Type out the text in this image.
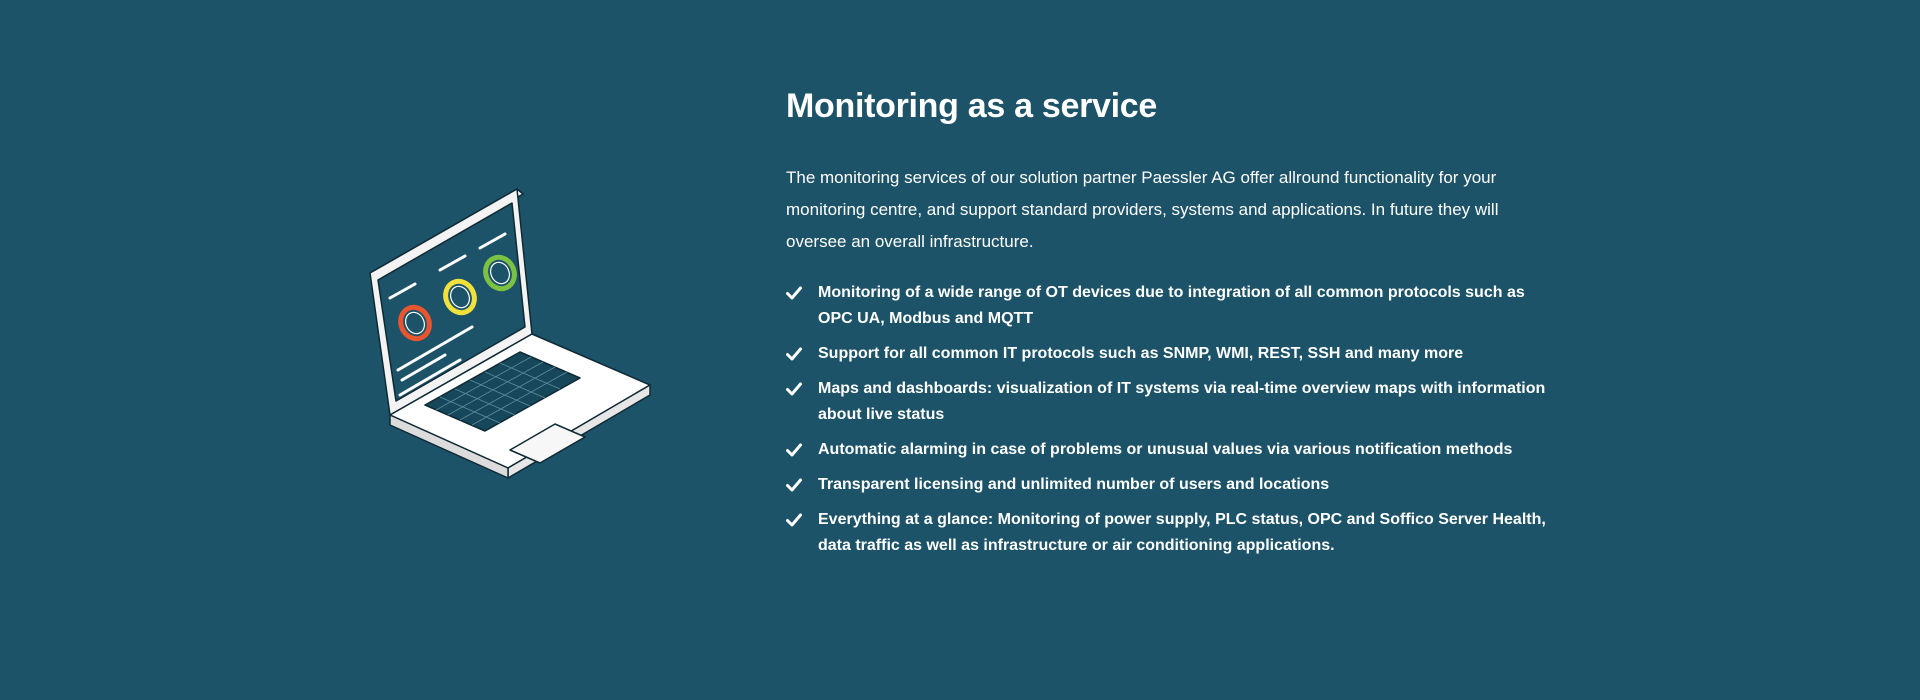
Monitoring as a service

The monitoring services of our solution partner Paessler AG offer allround functionality for your monitoring centre, and support standard providers, systems and applications. In future they will oversee an overall infrastructure.

Monitoring of a wide range of OT devices due to integration of all common protocols such as OPC UA, Modbus and MQTT
Support for all common IT protocols such as SNMP, WMI, REST, SSH and many more
Maps and dashboards: visualization of IT systems via real-time overview maps with information about live status
Automatic alarming in case of problems or unusual values via various notification methods
Transparent licensing and unlimited number of users and locations
Everything at a glance: Monitoring of power supply, PLC status, OPC and Soffico Server Health, data traffic as well as infrastructure or air conditioning applications.
